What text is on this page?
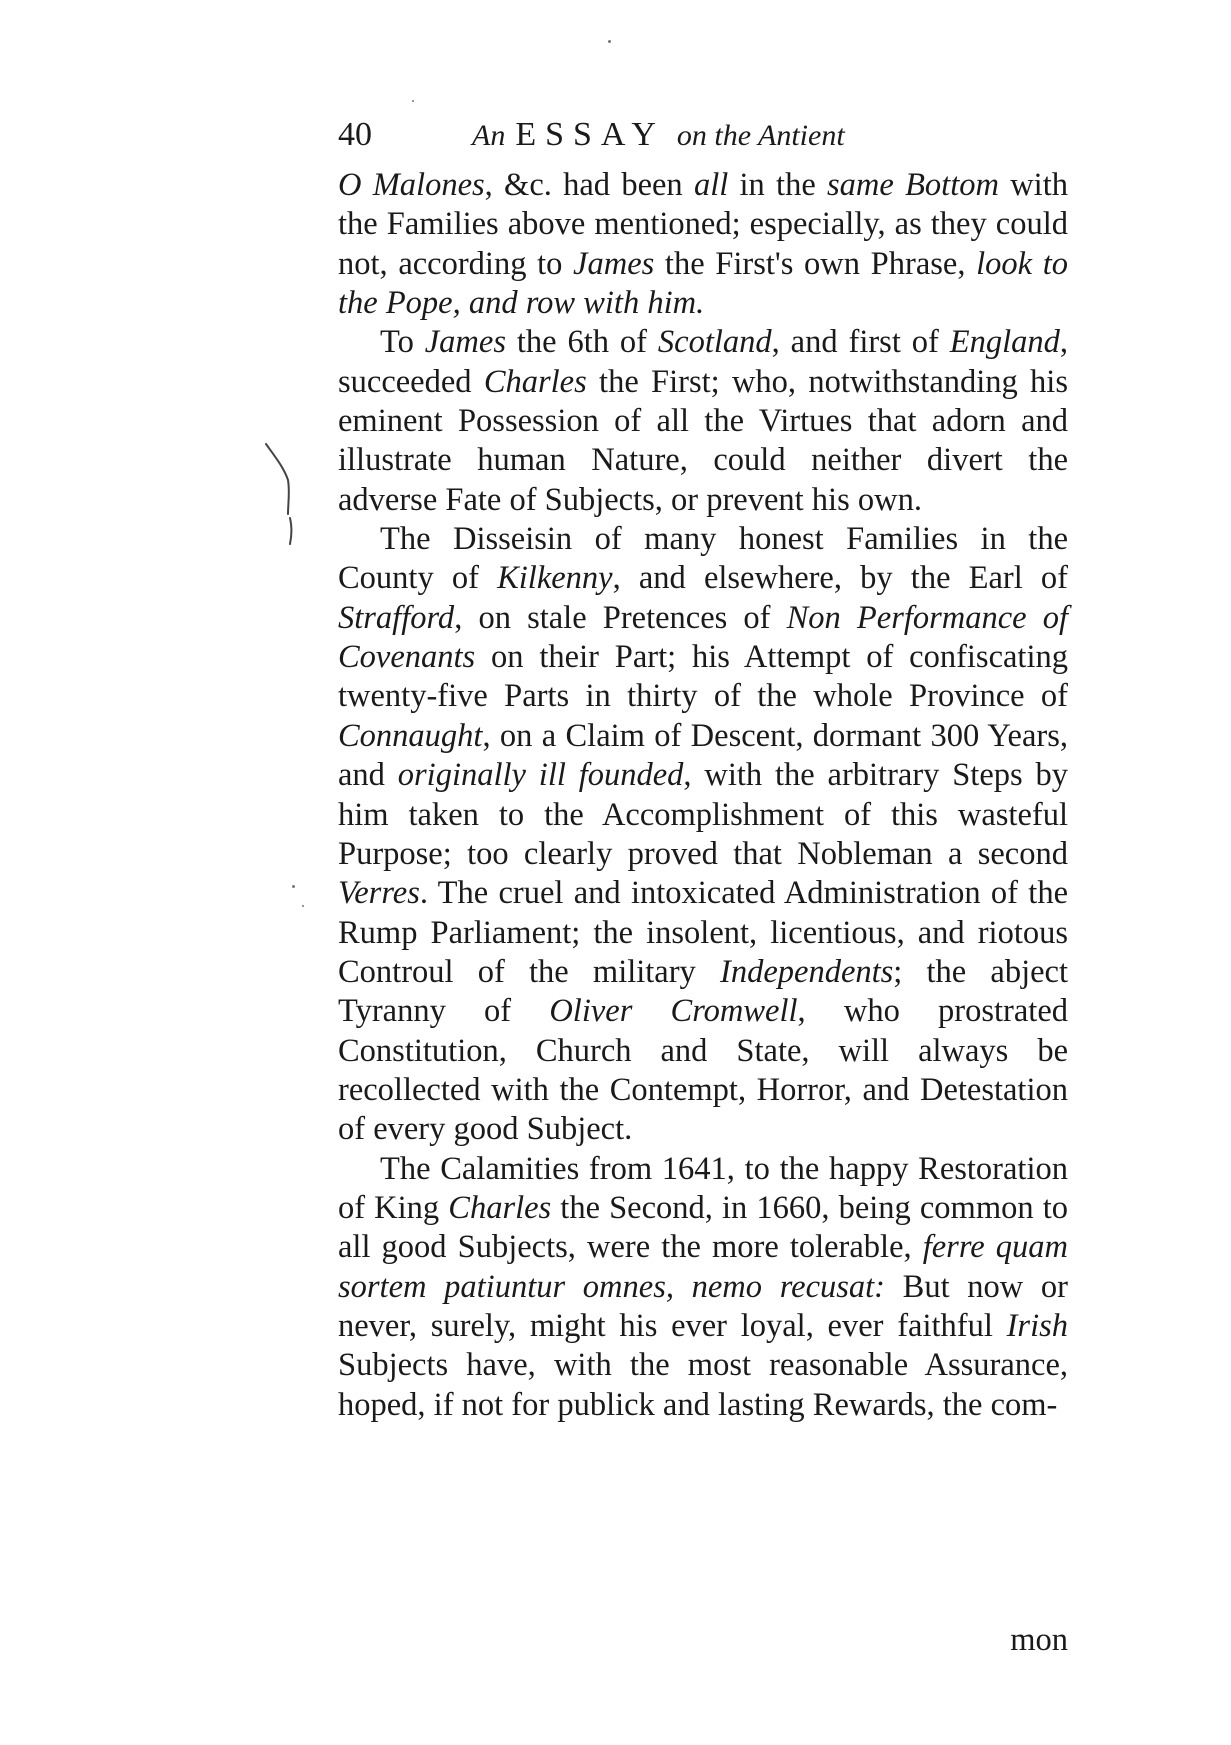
40	An ESSAY on the Antient

O Malones, &c. had been all in the same Bottom with the Families above mentioned; especially, as they could not, according to James the First's own Phrase, look to the Pope, and row with him.

To James the 6th of Scotland, and first of England, succeeded Charles the First; who, notwithstanding his eminent Possession of all the Virtues that adorn and illustrate human Nature, could neither divert the adverse Fate of Subjects, or prevent his own.

The Disseisin of many honest Families in the County of Kilkenny, and elsewhere, by the Earl of Strafford, on stale Pretences of Non Performance of Covenants on their Part; his Attempt of confiscating twenty-five Parts in thirty of the whole Province of Connaught, on a Claim of Descent, dormant 300 Years, and originally ill founded, with the arbitrary Steps by him taken to the Accomplishment of this wasteful Purpose; too clearly proved that Nobleman a second Verres. The cruel and intoxicated Administration of the Rump Parliament; the insolent, licentious, and riotous Controul of the military Independents; the abject Tyranny of Oliver Cromwell, who prostrated Constitution, Church and State, will always be recollected with the Contempt, Horror, and Detestation of every good Subject.

The Calamities from 1641, to the happy Restoration of King Charles the Second, in 1660, being common to all good Subjects, were the more tolerable, ferre quam sortem patiuntur omnes, nemo recusat: But now or never, surely, might his ever loyal, ever faithful Irish Subjects have, with the most reasonable Assurance, hoped, if not for publick and lasting Rewards, the com-

mon
